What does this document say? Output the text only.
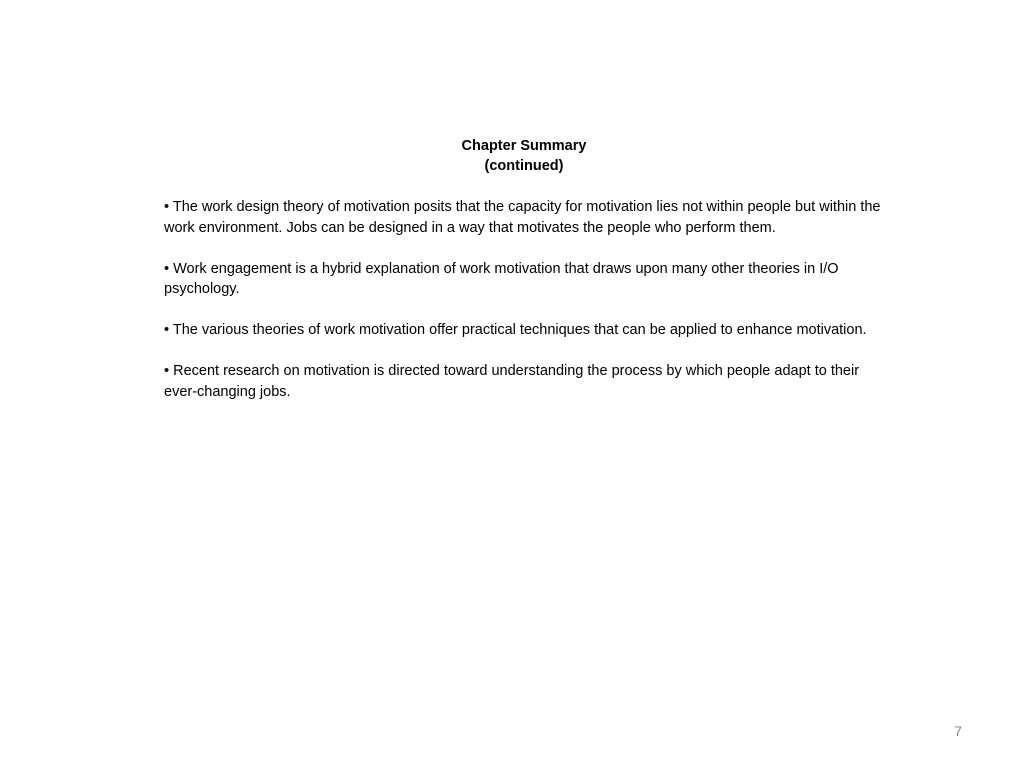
Chapter Summary
(continued)

• The work design theory of motivation posits that the capacity for motivation lies not within people but within the work environment. Jobs can be designed in a way that motivates the people who perform them.

• Work engagement is a hybrid explanation of work motivation that draws upon many other theories in I/O psychology.

• The various theories of work motivation offer practical techniques that can be applied to enhance motivation.

• Recent research on motivation is directed toward understanding the process by which people adapt to their ever-changing jobs.

7
